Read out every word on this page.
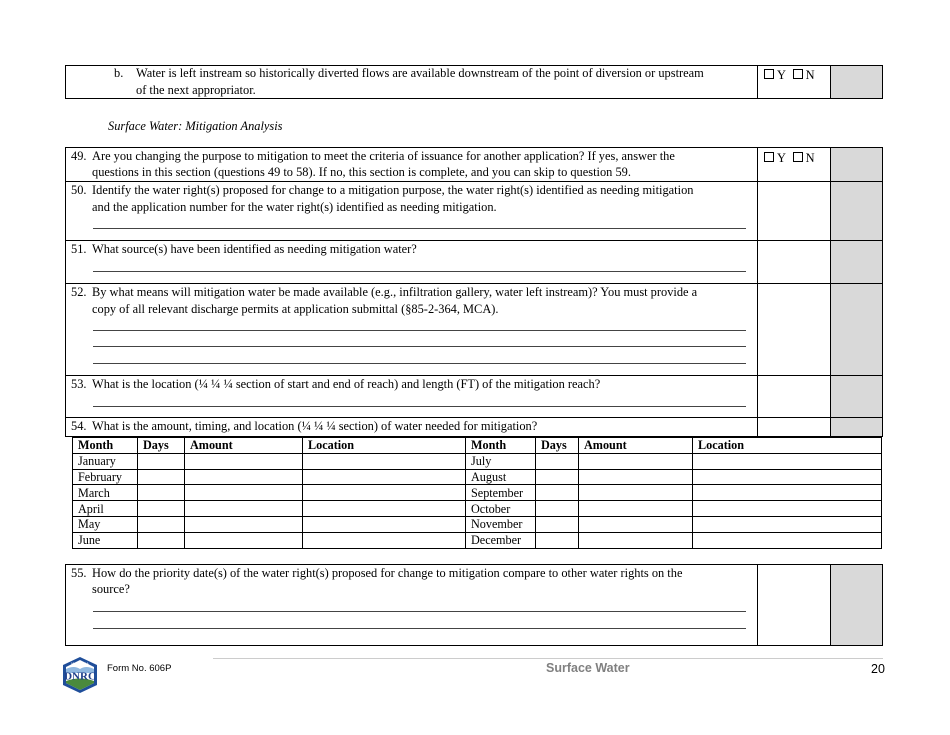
b. Water is left instream so historically diverted flows are available downstream of the point of diversion or upstream
of the next appropriator.
Y N
Surface Water: Mitigation Analysis
49. Are you changing the purpose to mitigation to meet the criteria of issuance for another application? If yes, answer the
questions in this section (questions 49 to 58). If no, this section is complete, and you can skip to question 59.
Y N
50. Identify the water right(s) proposed for change to a mitigation purpose, the water right(s) identified as needing mitigation
and the application number for the water right(s) identified as needing mitigation.
51. What source(s) have been identified as needing mitigation water?
52. By what means will mitigation water be made available (e.g., infiltration gallery, water left instream)? You must provide a
copy of all relevant discharge permits at application submittal (§85-2-364, MCA).
53. What is the location (¼ ¼ ¼ section of start and end of reach) and length (FT) of the mitigation reach?
54. What is the amount, timing, and location (¼ ¼ ¼ section) of water needed for mitigation?
Month	Days	Amount	Location	Month	Days	Amount	Location
January				July			
February				August			
March				September			
April				October			
May				November			
June				December			
55. How do the priority date(s) of the water right(s) proposed for change to mitigation compare to other water rights on the
source?
MONTANA
DNRC
Form No. 606P	Surface Water	20
